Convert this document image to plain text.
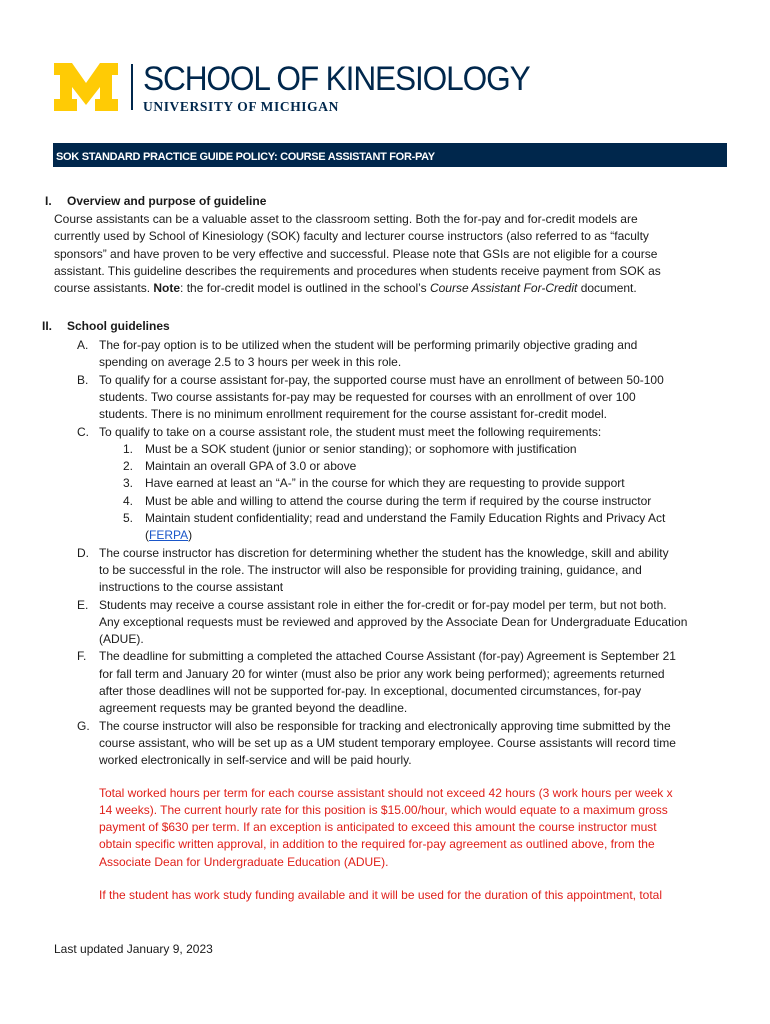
SCHOOL OF KINESIOLOGY
UNIVERSITY OF MICHIGAN
SOK STANDARD PRACTICE GUIDE POLICY: COURSE ASSISTANT FOR-PAY
I. Overview and purpose of guideline
Course assistants can be a valuable asset to the classroom setting. Both the for-pay and for-credit models are
currently used by School of Kinesiology (SOK) faculty and lecturer course instructors (also referred to as “faculty
sponsors” and have proven to be very effective and successful. Please note that GSIs are not eligible for a course
assistant. This guideline describes the requirements and procedures when students receive payment from SOK as
course assistants. Note: the for-credit model is outlined in the school’s Course Assistant For-Credit document.
II. School guidelines
A. The for-pay option is to be utilized when the student will be performing primarily objective grading and
spending on average 2.5 to 3 hours per week in this role.
B. To qualify for a course assistant for-pay, the supported course must have an enrollment of between 50-100
students. Two course assistants for-pay may be requested for courses with an enrollment of over 100
students. There is no minimum enrollment requirement for the course assistant for-credit model.
C. To qualify to take on a course assistant role, the student must meet the following requirements:
1. Must be a SOK student (junior or senior standing); or sophomore with justification
2. Maintain an overall GPA of 3.0 or above
3. Have earned at least an “A-” in the course for which they are requesting to provide support
4. Must be able and willing to attend the course during the term if required by the course instructor
5. Maintain student confidentiality; read and understand the Family Education Rights and Privacy Act
(FERPA)
D. The course instructor has discretion for determining whether the student has the knowledge, skill and ability
to be successful in the role. The instructor will also be responsible for providing training, guidance, and
instructions to the course assistant
E. Students may receive a course assistant role in either the for-credit or for-pay model per term, but not both.
Any exceptional requests must be reviewed and approved by the Associate Dean for Undergraduate Education
(ADUE).
F. The deadline for submitting a completed the attached Course Assistant (for-pay) Agreement is September 21
for fall term and January 20 for winter (must also be prior any work being performed); agreements returned
after those deadlines will not be supported for-pay. In exceptional, documented circumstances, for-pay
agreement requests may be granted beyond the deadline.
G. The course instructor will also be responsible for tracking and electronically approving time submitted by the
course assistant, who will be set up as a UM student temporary employee. Course assistants will record time
worked electronically in self-service and will be paid hourly.
Total worked hours per term for each course assistant should not exceed 42 hours (3 work hours per week x
14 weeks). The current hourly rate for this position is $15.00/hour, which would equate to a maximum gross
payment of $630 per term. If an exception is anticipated to exceed this amount the course instructor must
obtain specific written approval, in addition to the required for-pay agreement as outlined above, from the
Associate Dean for Undergraduate Education (ADUE).
If the student has work study funding available and it will be used for the duration of this appointment, total
Last updated January 9, 2023
